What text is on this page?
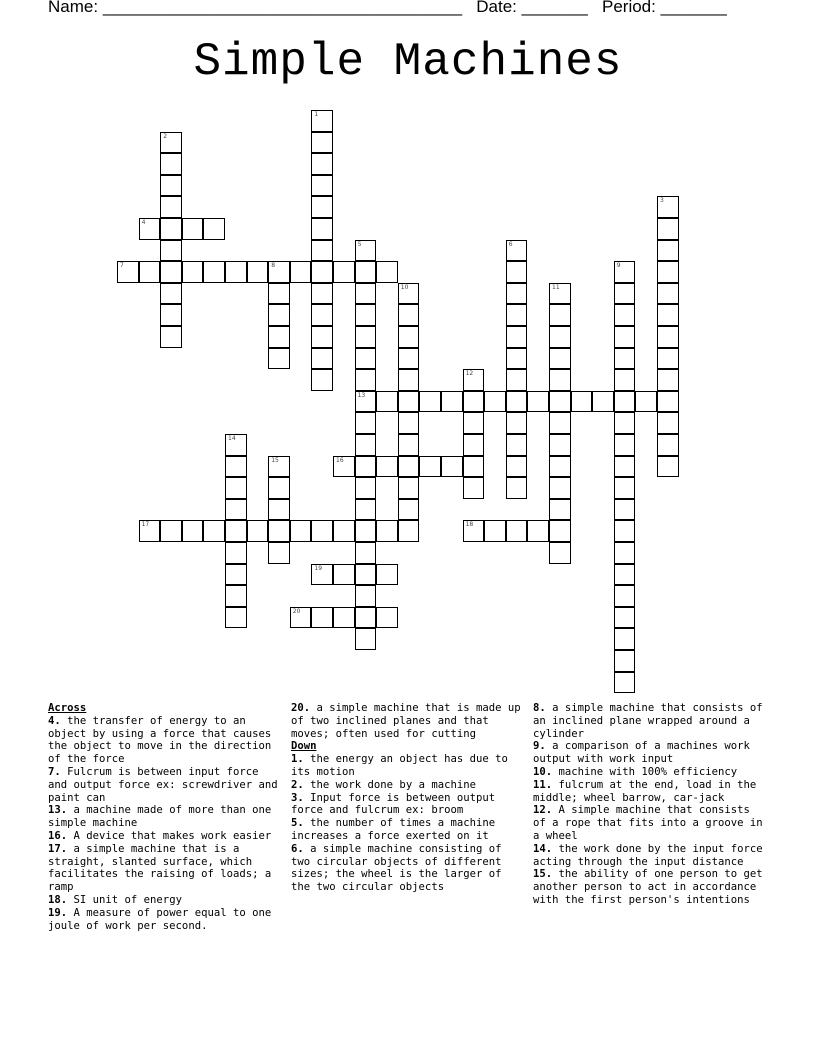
Name: ______________________________________ Date: _______ Period: _______
Simple Machines
4
7	8
13
16
17	18
19
20
1
2
3
5	6
9
10	11
12
14
15
Across
4. the transfer of energy to an object by using a force that causes the object to move in the direction of the force
7. Fulcrum is between input force and output force ex: screwdriver and paint can
13. a machine made of more than one simple machine
16. A device that makes work easier
17. a simple machine that is a straight, slanted surface, which facilitates the raising of loads; a ramp
18. SI unit of energy
19. A measure of power equal to one joule of work per second.
20. a simple machine that is made up of two inclined planes and that moves; often used for cutting
Down
1. the energy an object has due to its motion
2. the work done by a machine
3. Input force is between output force and fulcrum ex: broom
5. the number of times a machine increases a force exerted on it
6. a simple machine consisting of two circular objects of different sizes; the wheel is the larger of the two circular objects
8. a simple machine that consists of an inclined plane wrapped around a cylinder
9. a comparison of a machines work output with work input
10. machine with 100% efficiency
11. fulcrum at the end, load in the middle; wheel barrow, car-jack
12. A simple machine that consists of a rope that fits into a groove in a wheel
14. the work done by the input force acting through the input distance
15. the ability of one person to get another person to act in accordance with the first person's intentions
